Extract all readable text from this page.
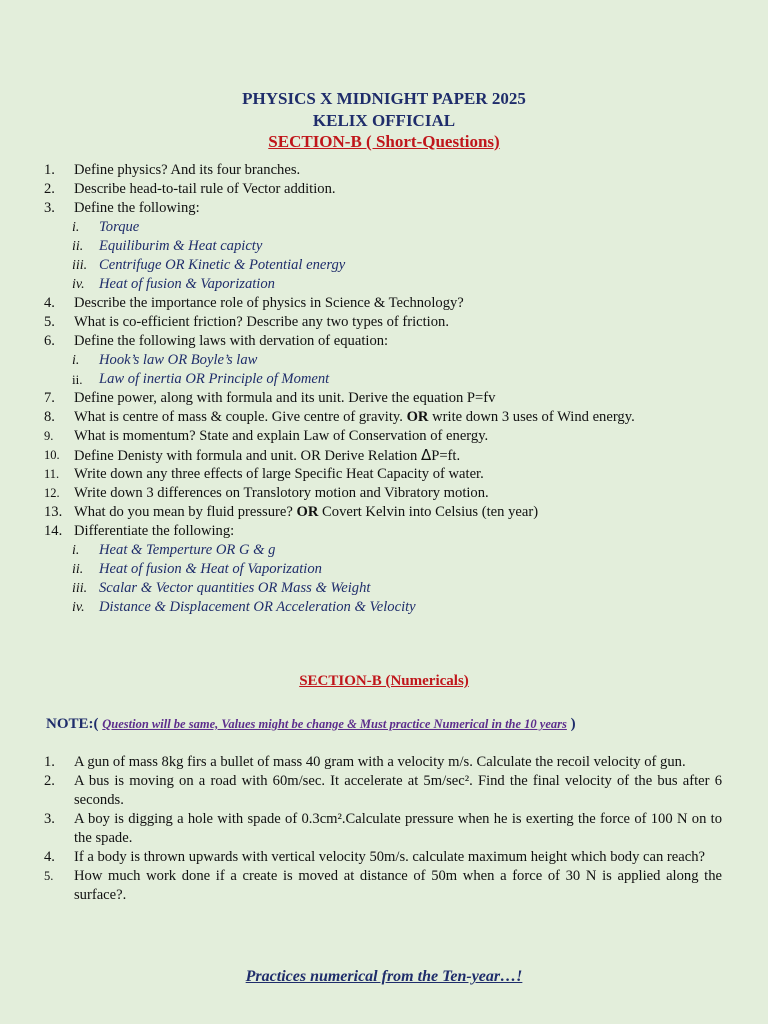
PHYSICS X MIDNIGHT PAPER 2025
KELIX OFFICIAL
SECTION-B ( Short-Questions)
1.	Define physics? And its four branches.
2.	Describe head-to-tail rule of Vector addition.
3.	Define the following:
i.	Torque
ii.	Equiliburim & Heat capicty
iii. Centrifuge OR Kinetic & Potential energy
iv. Heat of fusion & Vaporization
4.	Describe the importance role of physics in Science & Technology?
5.	What is co-efficient friction? Describe any two types of friction.
6.	Define the following laws with dervation of equation:
i.	Hook’s law OR Boyle’s law
ii.	Law of inertia OR Principle of Moment
7.	Define power, along with formula and its unit. Derive the equation P=fv
8.	What is centre of mass & couple. Give centre of gravity. OR write down 3 uses of Wind energy.
9.	What is momentum? State and explain Law of Conservation of energy.
10. Define Denisty with formula and unit. OR Derive Relation ΔP=ft.
11.	Write down any three effects of large Specific Heat Capacity of water.
12. Write down 3 differences on Translotory motion and Vibratory motion.
13. What do you mean by fluid pressure? OR Covert Kelvin into Celsius (ten year)
14. Differentiate the following:
i.	Heat & Temperture OR G & g
ii.	Heat of fusion & Heat of Vaporization
iii. Scalar & Vector quantities OR Mass & Weight
iv. Distance & Displacement OR Acceleration & Velocity
SECTION-B (Numericals)
NOTE:( Question will be same, Values might be change & Must practice Numerical in the 10 years )
1. A gun of mass 8kg firs a bullet of mass 40 gram with a velocity m/s. Calculate the recoil velocity of gun.
2. A bus is moving on a road with 60m/sec. It accelerate at 5m/sec². Find the final velocity of the bus after 6 seconds.
3. A boy is digging a hole with spade of 0.3cm².Calculate pressure when he is exerting the force of 100 N on to the spade.
4. If a body is thrown upwards with vertical velocity 50m/s. calculate maximum height which body can reach?
5. How much work done if a create is moved at distance of 50m when a force of 30 N is applied along the surface?.
Practices numerical from the Ten-year…!
